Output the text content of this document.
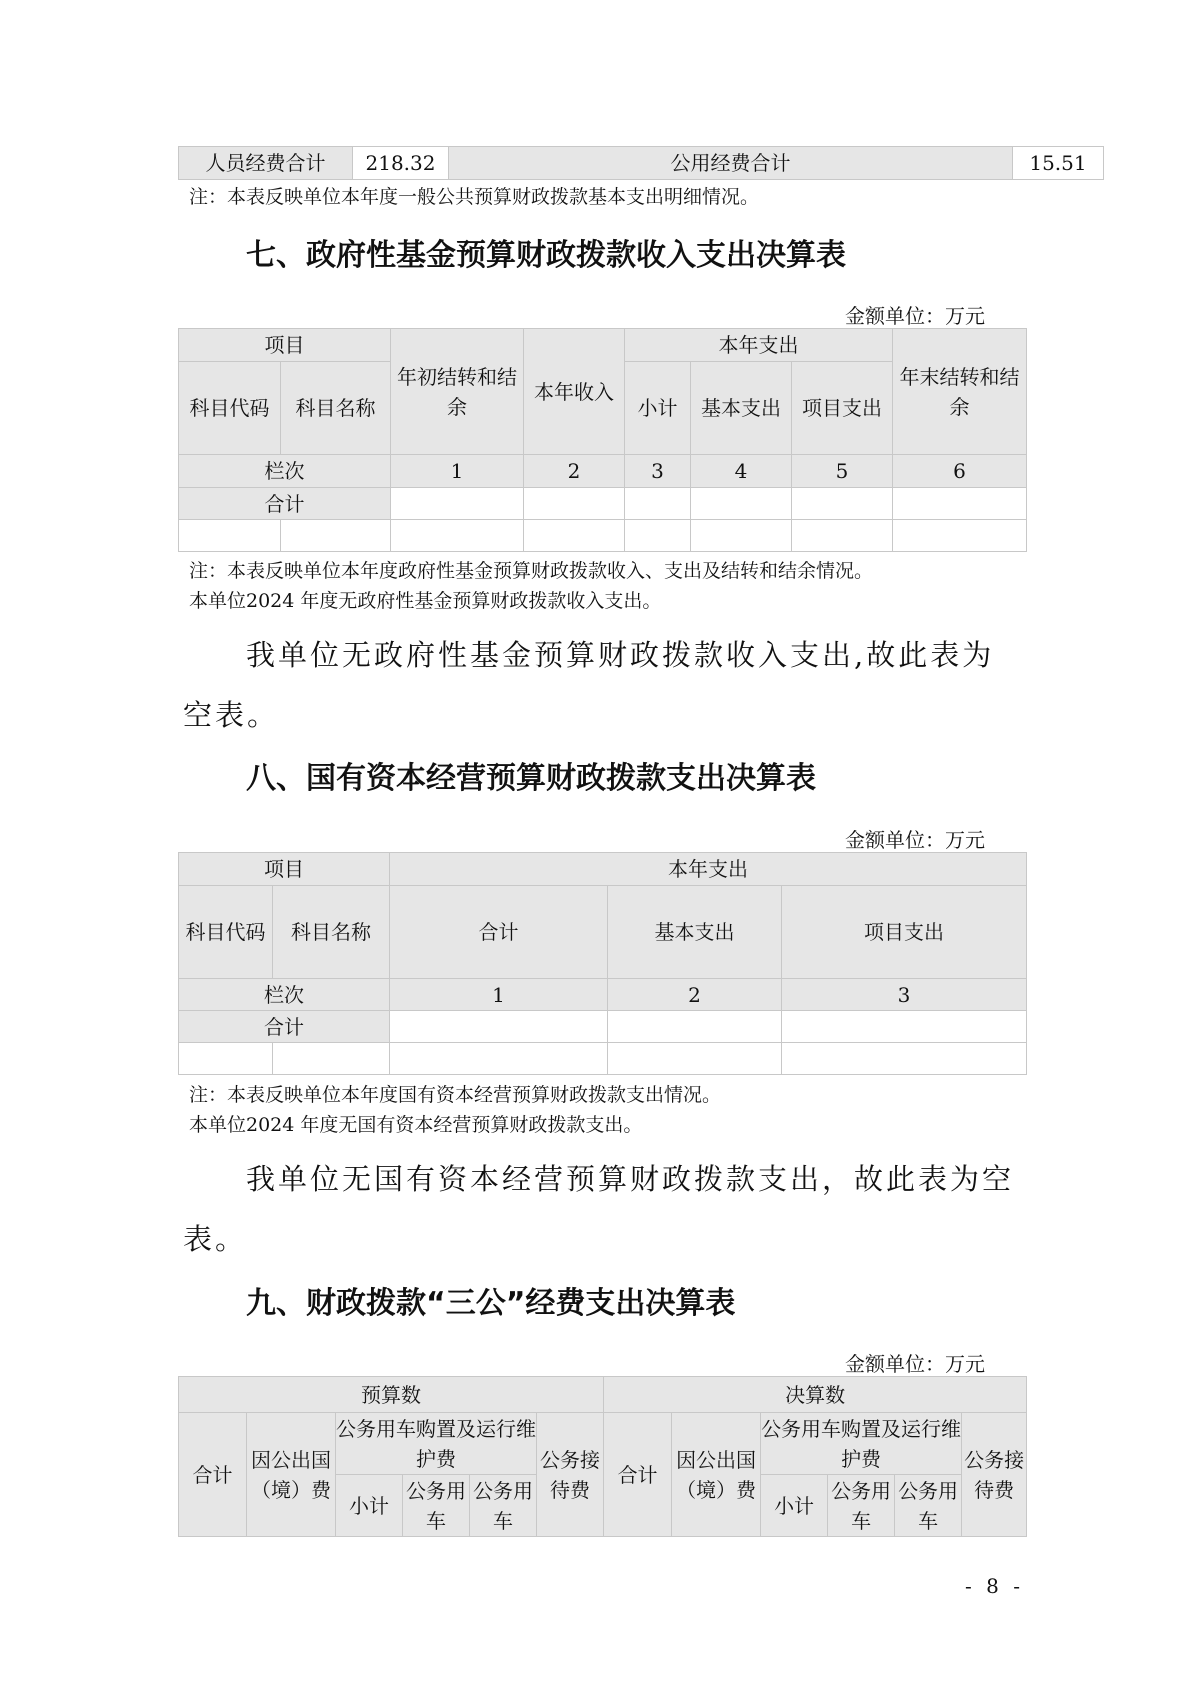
人员经费合计	218.32	公用经费合计	15.51
注：本表反映单位本年度一般公共预算财政拨款基本支出明细情况。
七、政府性基金预算财政拨款收入支出决算表
金额单位：万元
项目		年初结转和结余	本年收入	本年支出			年末结转和结余
科目代码	科目名称			小计	基本支出	项目支出	
栏次		1	2	3	4	5	6
合计							

注：本表反映单位本年度政府性基金预算财政拨款收入、支出及结转和结余情况。
本单位2024 年度无政府性基金预算财政拨款收入支出。
我单位无政府性基金预算财政拨款收入支出,故此表为
空表。
八、国有资本经营预算财政拨款支出决算表
金额单位：万元
项目		本年支出		
科目代码	科目名称	合计	基本支出	项目支出
栏次		1	2	3
合计				

注：本表反映单位本年度国有资本经营预算财政拨款支出情况。
本单位2024 年度无国有资本经营预算财政拨款支出。
我单位无国有资本经营预算财政拨款支出，故此表为空
表。
九、财政拨款“三公”经费支出决算表
金额单位：万元
预算数						决算数					
合计	因公出国（境）费	公务用车购置及运行维护费			公务接待费	合计	因公出国（境）费	公务用车购置及运行维护费			公务接待费
		小计	公务用车	公务用车				小计	公务用车	公务用车	
- 8 -
